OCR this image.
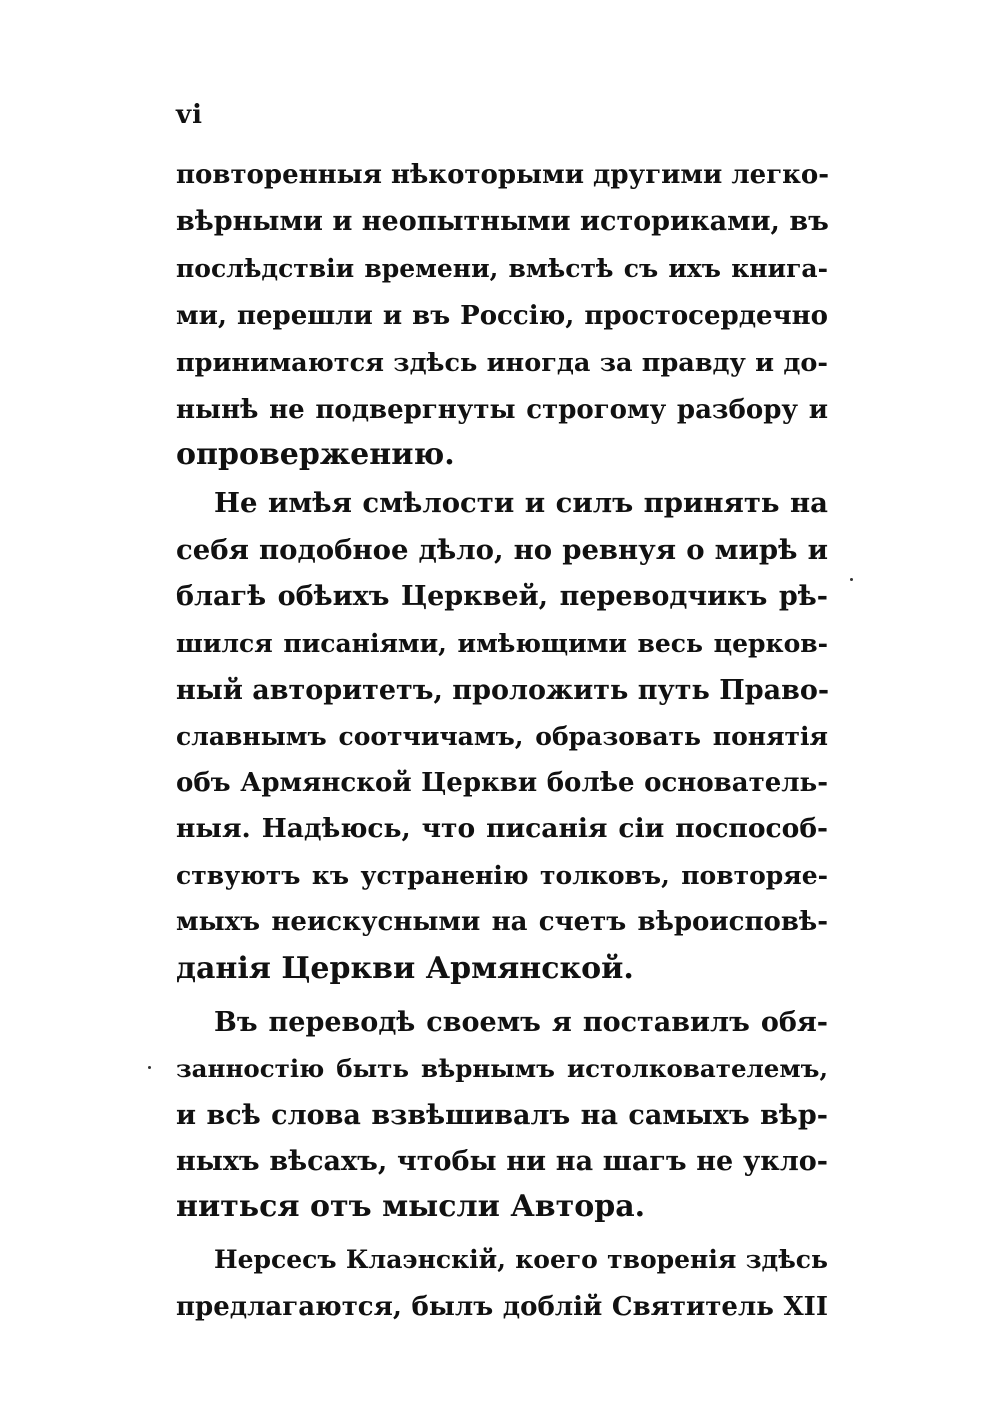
vi
повторенныя нѣкоторыми другими легко-
вѣрными и неопытными историками, въ
послѣдствіи времени, вмѣстѣ съ ихъ книга-
ми, перешли и въ Россію, простосердечно
принимаются здѣсь иногда за правду и до-
нынѣ не подвергнуты строгому разбору и
опровержению.
Не имѣя смѣлости и силъ принять на
себя подобное дѣло, но ревнуя о мирѣ и
благѣ обѣихъ Церквей, переводчикъ рѣ-
шился писаніями, имѣющими весь церков-
ный авторитетъ, проложить путь Право-
славнымъ соотчичамъ, образовать понятія
объ Армянской Церкви болѣе основатель-
ныя. Надѣюсь, что писанія сіи поспособ-
ствуютъ къ устраненію толковъ, повторяе-
мыхъ неискусными на счетъ вѣроисповѣ-
данія Церкви Армянской.
Въ переводѣ своемъ я поставилъ обя-
занностію быть вѣрнымъ истолкователемъ,
и всѣ слова взвѣшивалъ на самыхъ вѣр-
ныхъ вѣсахъ, чтобы ни на шагъ не укло-
ниться отъ мысли Автора.
Нерсесъ Клаэнскій, коего творенія здѣсь
предлагаются, былъ доблій Святитель XII
